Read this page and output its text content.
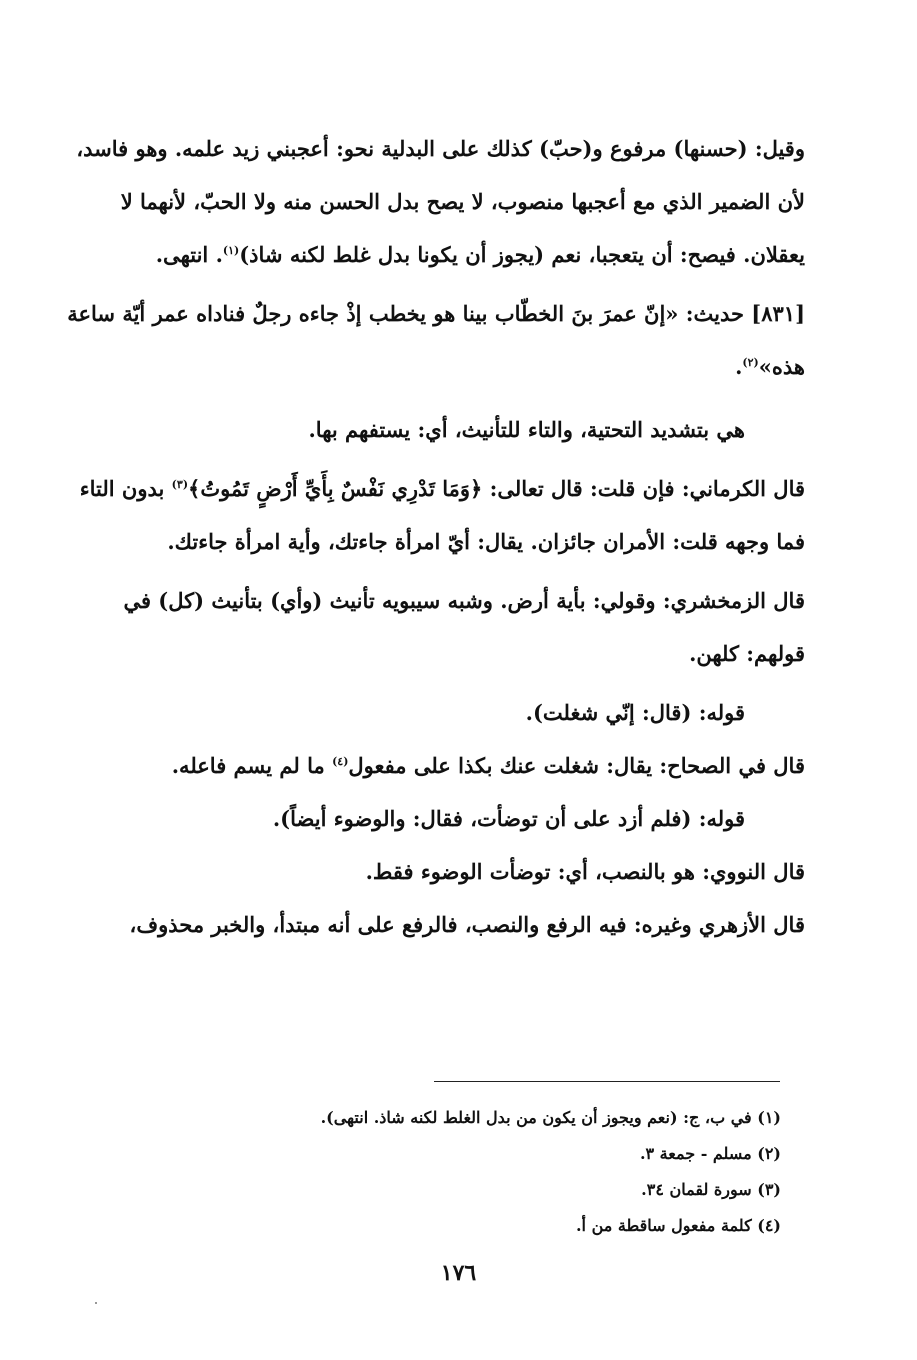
وقيل: (حسنها) مرفوع و(حبّ) كذلك على البدلية نحو: أعجبني زيد علمه. وهو فاسد، لأن الضمير الذي مع أعجبها منصوب، لا يصح بدل الحسن منه ولا الحبّ، لأنهما لا يعقلان. فيصح: أن يتعجبا، نعم (يجوز أن يكونا بدل غلط لكنه شاذ)$^{(١)}$. انتهى.

[٨٣١] حديث: «إنّ عمرَ بنَ الخطّاب بينا هو يخطب إذْ جاءه رجلٌ فناداه عمر أيّة ساعة هذه»$^{(٢)}$.

هي بتشديد التحتية، والتاء للتأنيث، أي: يستفهم بها.

قال الكرماني: فإن قلت: قال تعالى: ﴿وَمَا تَدْرِي نَفْسٌ بِأَيِّ أَرْضٍ تَمُوتُ﴾$^{(٣)}$ بدون التاء فما وجهه قلت: الأمران جائزان. يقال: أيّ امرأة جاءتك، وأية امرأة جاءتك.

قال الزمخشري: وقولي: بأية أرض. وشبه سيبويه تأنيث (وأي) بتأنيث (كل) في قولهم: كلهن.

قوله: (قال: إنّي شغلت).

قال في الصحاح: يقال: شغلت عنك بكذا على مفعول$^{(٤)}$ ما لم يسم فاعله.

قوله: (فلم أزد على أن توضأت، فقال: والوضوء أيضاً).

قال النووي: هو بالنصب، أي: توضأت الوضوء فقط.

قال الأزهري وغيره: فيه الرفع والنصب، فالرفع على أنه مبتدأ، والخبر محذوف،

(١) في ب، ج: (نعم ويجوز أن يكون من بدل الغلط لكنه شاذ. انتهى).

(٢) مسلم - جمعة ٣.

(٣) سورة لقمان ٣٤.

(٤) كلمة مفعول ساقطة من أ.

١٧٦
